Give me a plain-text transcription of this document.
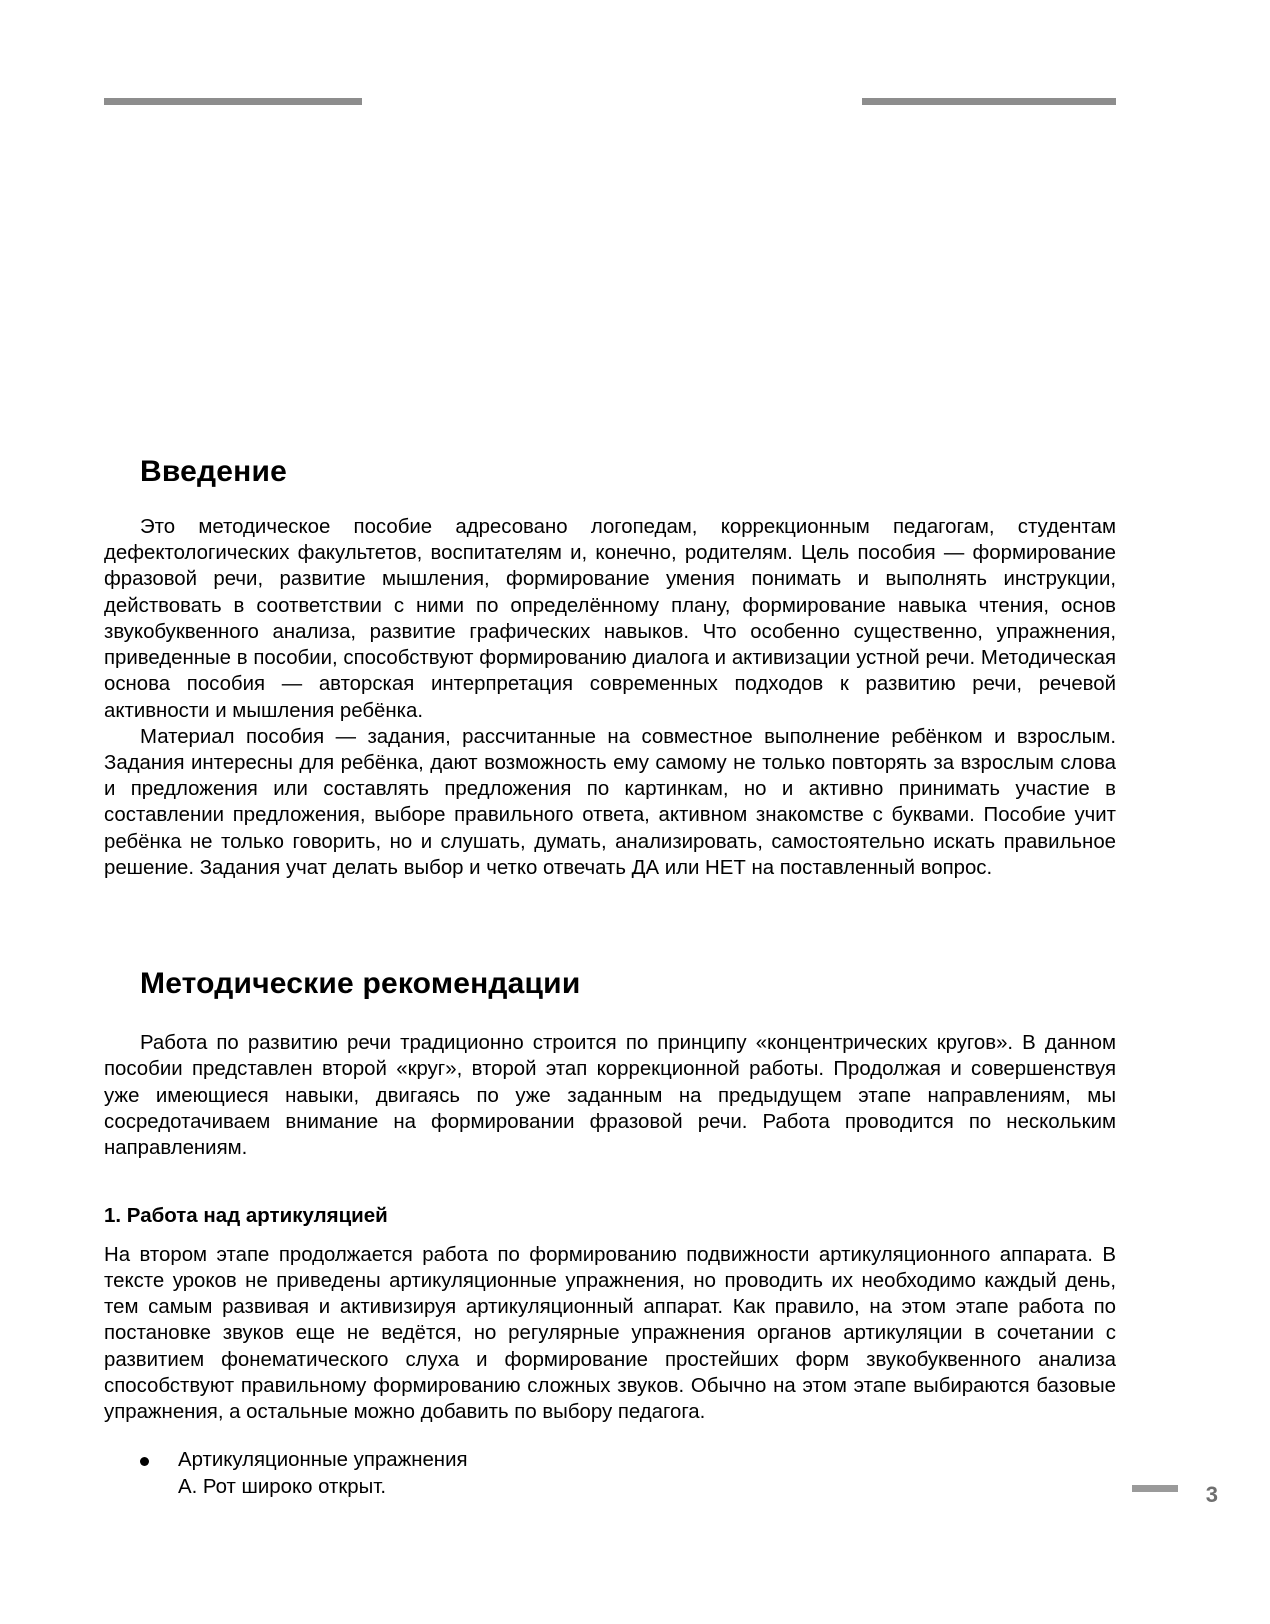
Введение

Это методическое пособие адресовано логопедам, коррекционным педагогам, студентам дефектологических факультетов, воспитателям и, конечно, родителям. Цель пособия — формирование фразовой речи, развитие мышления, формирование умения понимать и выполнять инструкции, действовать в соответствии с ними по определённому плану, формирование навыка чтения, основ звукобуквенного анализа, развитие графических навыков. Что особенно существенно, упражнения, приведенные в пособии, способствуют формированию диалога и активизации устной речи. Методическая основа пособия — авторская интерпретация современных подходов к развитию речи, речевой активности и мышления ребёнка.

Материал пособия — задания, рассчитанные на совместное выполнение ребёнком и взрослым. Задания интересны для ребёнка, дают возможность ему самому не только повторять за взрослым слова и предложения или составлять предложения по картинкам, но и активно принимать участие в составлении предложения, выборе правильного ответа, активном знакомстве с буквами. Пособие учит ребёнка не только говорить, но и слушать, думать, анализировать, самостоятельно искать правильное решение. Задания учат делать выбор и четко отвечать ДА или НЕТ на поставленный вопрос.

Методические рекомендации

Работа по развитию речи традиционно строится по принципу «концентрических кругов». В данном пособии представлен второй «круг», второй этап коррекционной работы. Продолжая и совершенствуя уже имеющиеся навыки, двигаясь по уже заданным на предыдущем этапе направлениям, мы сосредотачиваем внимание на формировании фразовой речи. Работа проводится по нескольким направлениям.

1. Работа над артикуляцией

На втором этапе продолжается работа по формированию подвижности артикуляционного аппарата. В тексте уроков не приведены артикуляционные упражнения, но проводить их необходимо каждый день, тем самым развивая и активизируя артикуляционный аппарат. Как правило, на этом этапе работа по постановке звуков еще не ведётся, но регулярные упражнения органов артикуляции в сочетании с развитием фонематического слуха и формирование простейших форм звукобуквенного анализа способствуют правильному формированию сложных звуков. Обычно на этом этапе выбираются базовые упражнения, а остальные можно добавить по выбору педагога.

Артикуляционные упражнения
А. Рот широко открыт.	3
